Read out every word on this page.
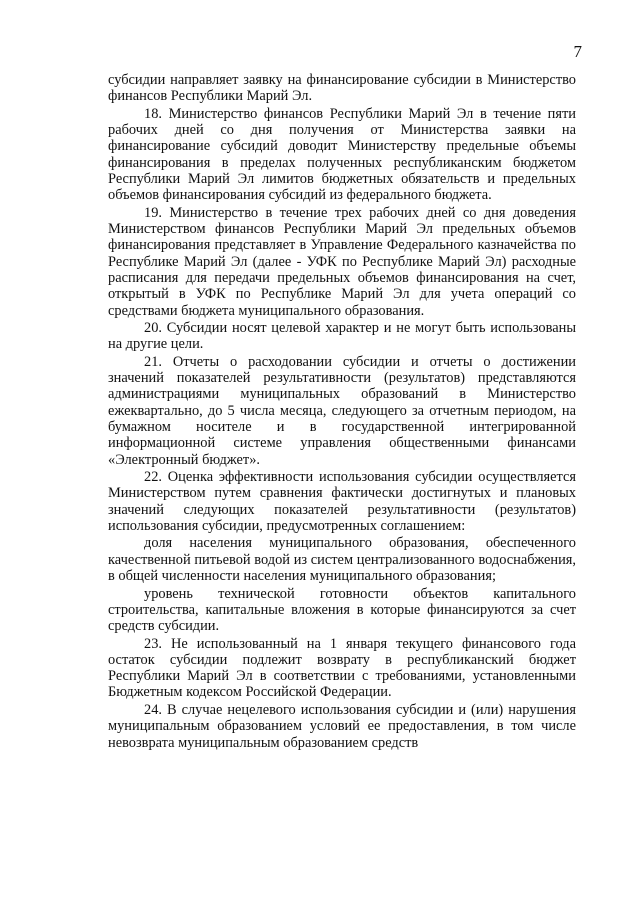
7

субсидии направляет заявку на финансирование субсидии в Министерство финансов Республики Марий Эл.

18. Министерство финансов Республики Марий Эл в течение пяти рабочих дней со дня получения от Министерства заявки на финансирование субсидий доводит Министерству предельные объемы финансирования в пределах полученных республиканским бюджетом Республики Марий Эл лимитов бюджетных обязательств и предельных объемов финансирования субсидий из федерального бюджета.

19. Министерство в течение трех рабочих дней со дня доведения Министерством финансов Республики Марий Эл предельных объемов финансирования представляет в Управление Федерального казначейства по Республике Марий Эл (далее - УФК по Республике Марий Эл) расходные расписания для передачи предельных объемов финансирования на счет, открытый в УФК по Республике Марий Эл для учета операций со средствами бюджета муниципального образования.

20. Субсидии носят целевой характер и не могут быть использованы на другие цели.

21. Отчеты о расходовании субсидии и отчеты о достижении значений показателей результативности (результатов) представляются администрациями муниципальных образований в Министерство ежеквартально, до 5 числа месяца, следующего за отчетным периодом, на бумажном носителе и в государственной интегрированной информационной системе управления общественными финансами «Электронный бюджет».

22. Оценка эффективности использования субсидии осуществляется Министерством путем сравнения фактически достигнутых и плановых значений следующих показателей результативности (результатов) использования субсидии, предусмотренных соглашением:

доля населения муниципального образования, обеспеченного качественной питьевой водой из систем централизованного водоснабжения, в общей численности населения муниципального образования;

уровень технической готовности объектов капитального строительства, капитальные вложения в которые финансируются за счет средств субсидии.

23. Не использованный на 1 января текущего финансового года остаток субсидии подлежит возврату в республиканский бюджет Республики Марий Эл в соответствии с требованиями, установленными Бюджетным кодексом Российской Федерации.

24. В случае нецелевого использования субсидии и (или) нарушения муниципальным образованием условий ее предоставления, в том числе невозврата муниципальным образованием средств
